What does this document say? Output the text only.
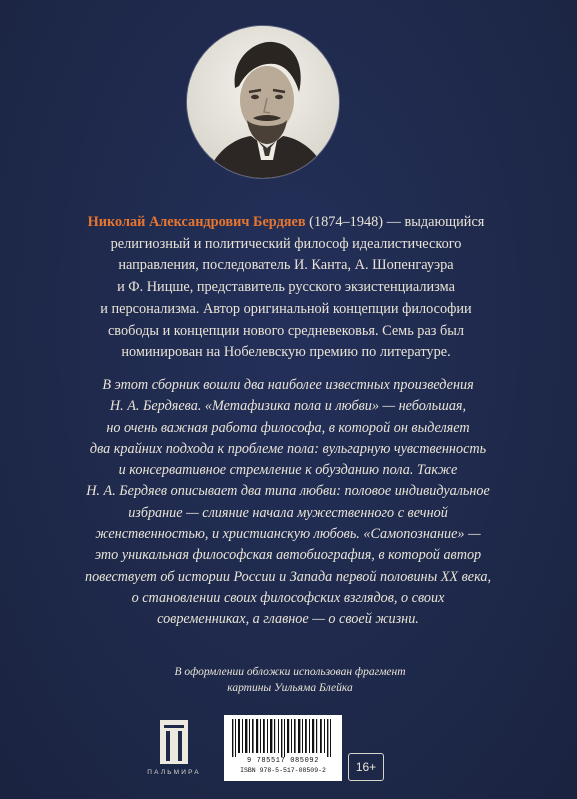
Николай Александрович Бердяев (1874–1948) — выдающийся
религиозный и политический философ идеалистического
направления, последователь И. Канта, А. Шопенгауэра
и Ф. Ницше, представитель русского экзистенциализма
и персонализма. Автор оригинальной концепции философии
свободы и концепции нового средневековья. Семь раз был
номинирован на Нобелевскую премию по литературе.

В этот сборник вошли два наиболее известных произведения
Н. А. Бердяева. «Метафизика пола и любви» — небольшая,
но очень важная работа философа, в которой он выделяет
два крайних подхода к проблеме пола: вульгарную чувственность
и консервативное стремление к обузданию пола. Также
Н. А. Бердяев описывает два типа любви: половое индивидуальное
избрание — слияние начала мужественного с вечной
женственностью, и христианскую любовь. «Самопознание» —
это уникальная философская автобиография, в которой автор
повествует об истории России и Запада первой половины XX века,
о становлении своих философских взглядов, о своих
современниках, а главное — о своей жизни.

В оформлении обложки использован фрагмент
картины Уильяма Блейка

ПАЛЬМИРА
9 785517 085092
ISBN 978-5-517-08509-2	16+
